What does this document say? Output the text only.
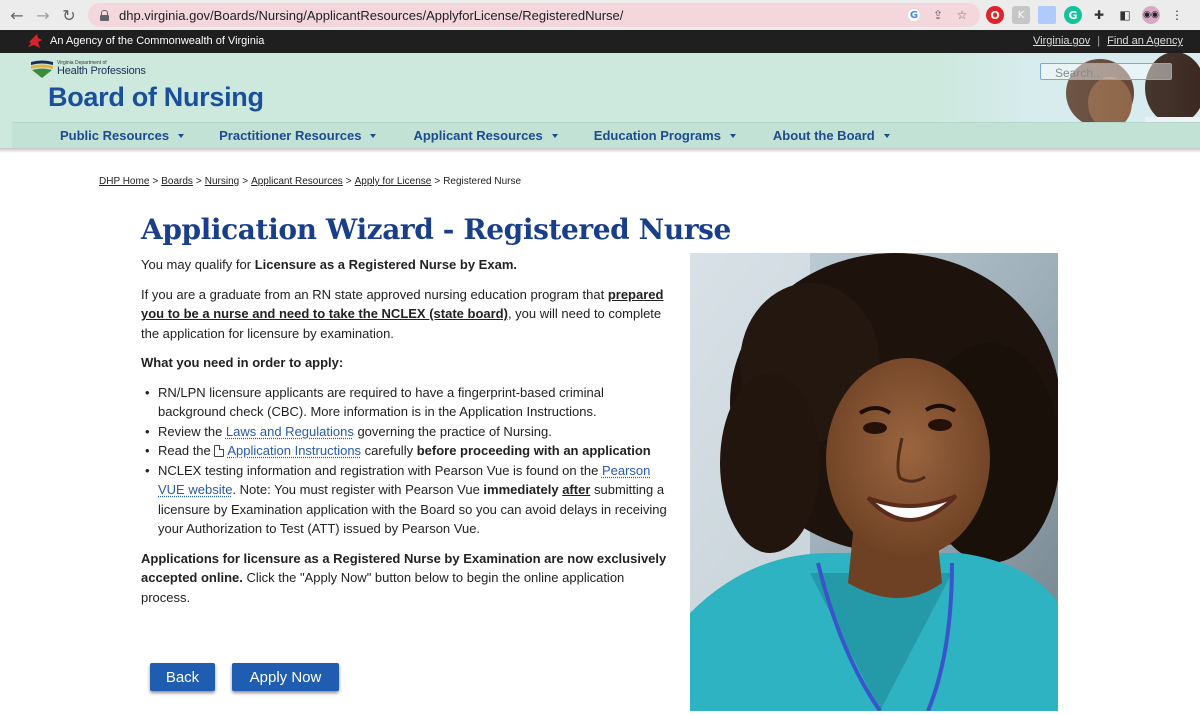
← → ↻	dhp.virginia.gov/Boards/Nursing/ApplicantResources/ApplyforLicense/RegisteredNurse/	G ⇪ ☆	O	K	G	✚	◧	◉◉ ⋮
An Agency of the Commonwealth of Virginia	Virginia.gov | Find an Agency
Virginia Department of
Health Professions
Board of Nursing
Search..
Public Resources	Practitioner Resources	Applicant Resources	Education Programs	About the Board
DHP Home > Boards > Nursing > Applicant Resources > Apply for License > Registered Nurse
Application Wizard - Registered Nurse

You may qualify for Licensure as a Registered Nurse by Exam.

If you are a graduate from an RN state approved nursing education program that prepared you to be a nurse and need to take the NCLEX (state board), you will need to complete the application for licensure by examination.

What you need in order to apply:

• RN/LPN licensure applicants are required to have a fingerprint-based criminal background check (CBC). More information is in the Application Instructions.
• Review the Laws and Regulations governing the practice of Nursing.
• Read the Application Instructions carefully before proceeding with an application
• NCLEX testing information and registration with Pearson Vue is found on the Pearson VUE website. Note: You must register with Pearson Vue immediately after submitting a licensure by Examination application with the Board so you can avoid delays in receiving your Authorization to Test (ATT) issued by Pearson Vue.

Applications for licensure as a Registered Nurse by Examination are now exclusively accepted online. Click the "Apply Now" button below to begin the online application process.

Back	Apply Now
